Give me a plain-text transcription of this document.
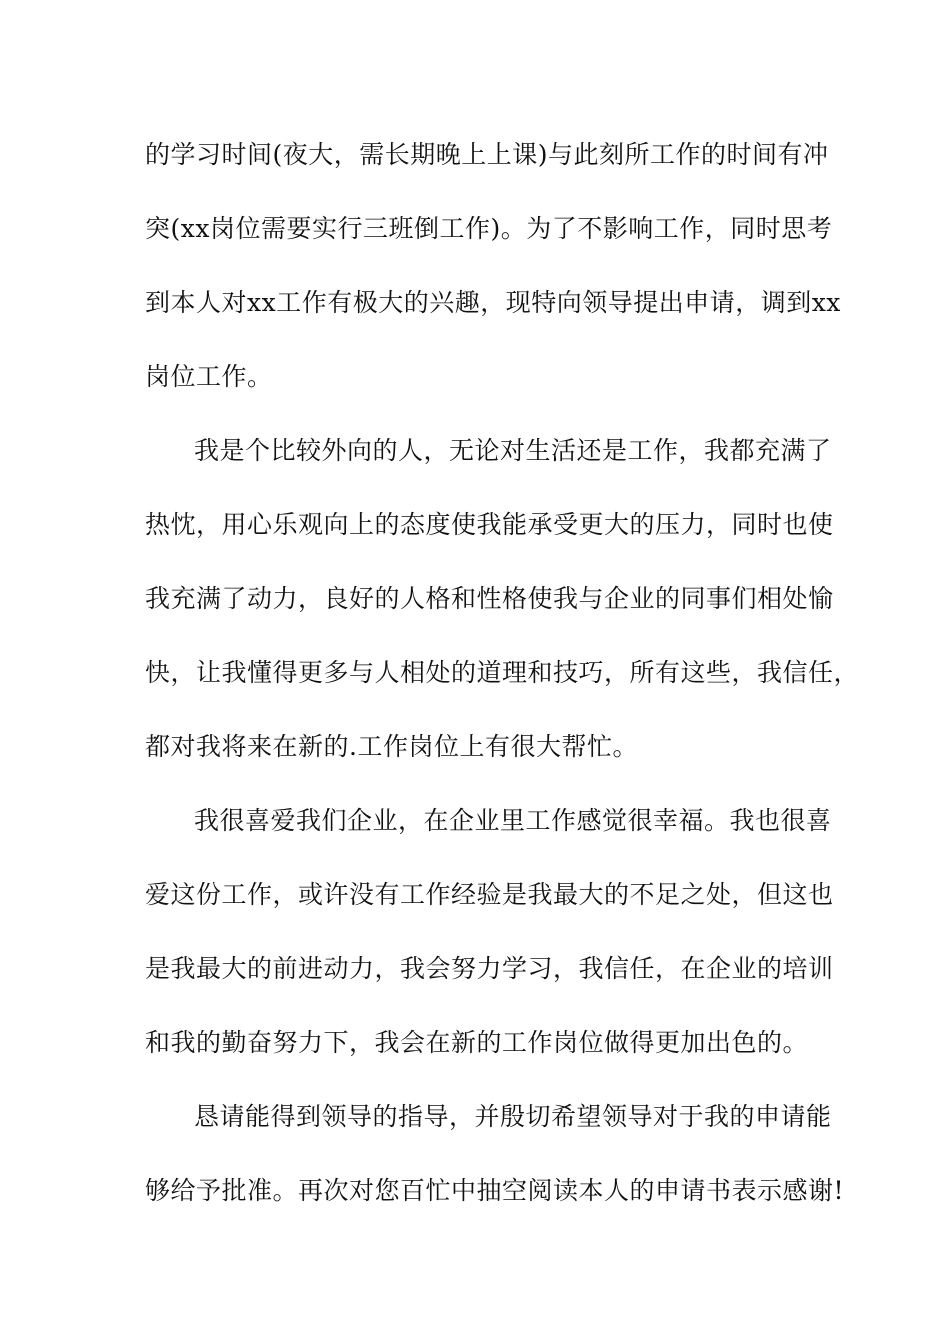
的学习时间(夜大，需长期晚上上课)与此刻所工作的时间有冲
突(xx岗位需要实行三班倒工作)。为了不影响工作，同时思考
到本人对xx工作有极大的兴趣，现特向领导提出申请，调到xx
岗位工作。
我是个比较外向的人，无论对生活还是工作，我都充满了
热忱，用心乐观向上的态度使我能承受更大的压力，同时也使
我充满了动力，良好的人格和性格使我与企业的同事们相处愉
快，让我懂得更多与人相处的道理和技巧，所有这些，我信任，
都对我将来在新的.工作岗位上有很大帮忙。
我很喜爱我们企业，在企业里工作感觉很幸福。我也很喜
爱这份工作，或许没有工作经验是我最大的不足之处，但这也
是我最大的前进动力，我会努力学习，我信任，在企业的培训
和我的勤奋努力下，我会在新的工作岗位做得更加出色的。
恳请能得到领导的指导，并殷切希望领导对于我的申请能
够给予批准。再次对您百忙中抽空阅读本人的申请书表示感谢!
